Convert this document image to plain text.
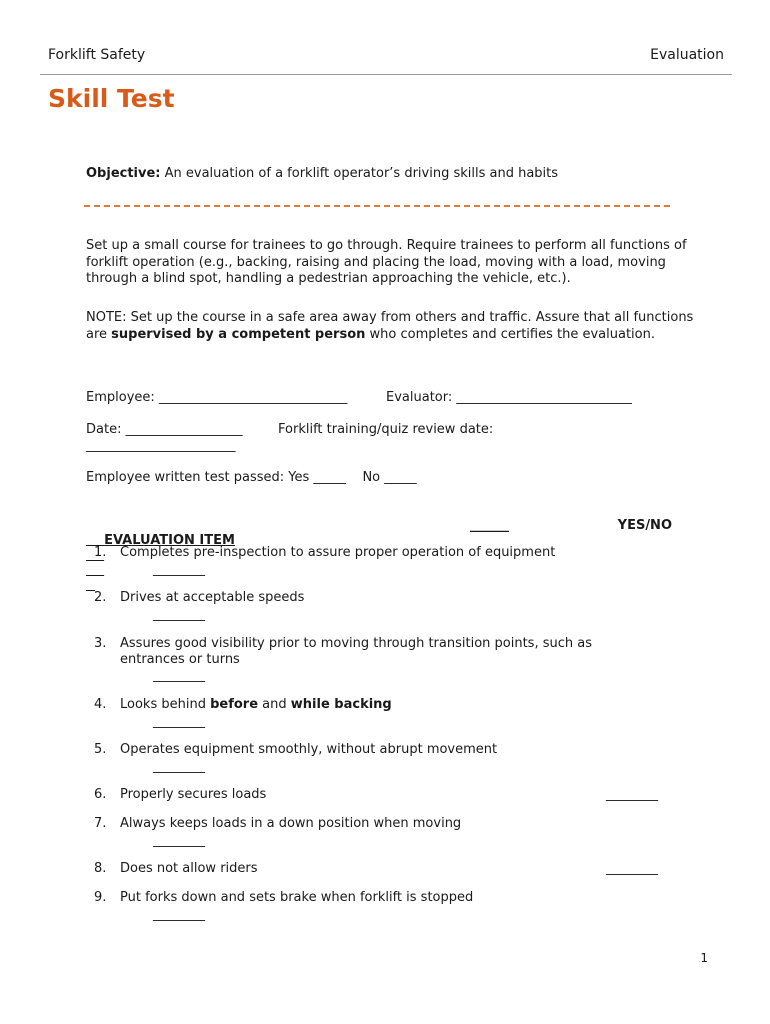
Forklift Safety	Evaluation
Skill Test
Objective: An evaluation of a forklift operator’s driving skills and habits

Set up a small course for trainees to go through. Require trainees to perform all functions of forklift operation (e.g., backing, raising and placing the load, moving with a load, moving through a blind spot, handling a pedestrian approaching the vehicle, etc.).

NOTE: Set up the course in a safe area away from others and traffic. Assure that all functions are supervised by a competent person who completes and certifies the evaluation.

Employee: _____________________________	Evaluator: ___________________________
Date: __________________	Forklift training/quiz review date:
_______________________
Employee written test passed: Yes _____    No _____

EVALUATION ITEM

______

	YES/NO

1. Completes pre-inspection to assure proper operation of equipment
________
2. Drives at acceptable speeds
________
3. Assures good visibility prior to moving through transition points, such as entrances or turns
________
4. Looks behind before and while backing
________
5. Operates equipment smoothly, without abrupt movement
________
6. Properly secures loads	________
7. Always keeps loads in a down position when moving
________
8. Does not allow riders	________
9. Put forks down and sets brake when forklift is stopped
________
1
